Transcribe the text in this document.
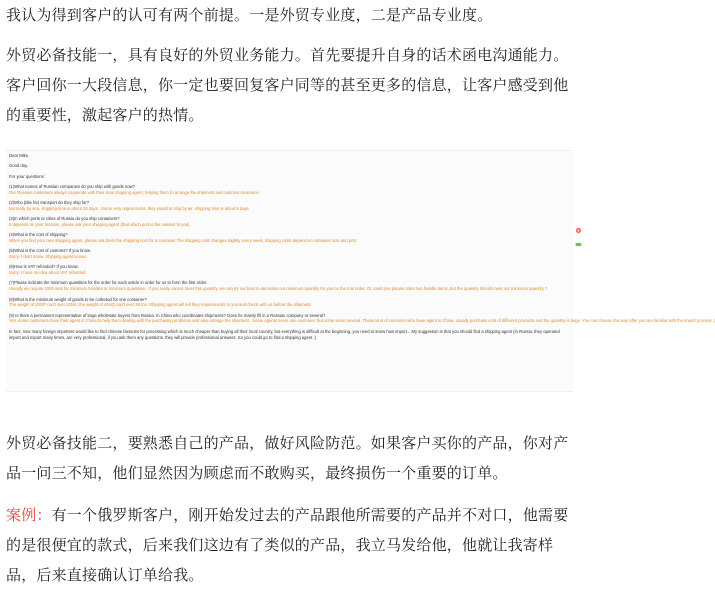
我认为得到客户的认可有两个前提。一是外贸专业度，二是产品专业度。
外贸必备技能一，具有良好的外贸业务能力。首先要提升自身的话术函电沟通能力。客户回你一大段信息，你一定也要回复客户同等的甚至更多的信息，让客户感受到他的重要性，激起客户的热情。
Dear Mike,
Good day.
For your questions:
(1)What names of Russian companies do you ship with goods now?
Our Russian customers always cooperate with their local shipping agent, helping them to arrange the shipment and customs clearance.
(2)Who (title for) transport do they ship for?
Normally by sea, shipping time is about 35 days . Some very urgent items, they would to ship by air, shipping time is about 5 days
(3)In which ports or cities of Russia do you ship containers?
It depends on your location, please ask your shipping agent (that which port is the nearest to you)
(4)What is the cost of shipping?
When you find your own shipping agent, please ask them the shipping cost for a container.The shipping cost changes slightly every week, shipping costs depend on container size and port.
(5)What is the cost of customs? If you know.
Sorry, I don't know. Shipping agent knows.
(6)How is VAT refunded? If you know.
Sorry, I have no idea about VAT refunded.
(7)Please indicate the minimum quantities for the order for each article in order for us to form the first order.
Usually we require 1000 sets for minimum handles or minimum quantities . If you really cannot meet this quantity, we can try our best to decrease our minimum quantity for you on the trial order. Or could you please order two handle items, but the quantity should meet our minimum quantity ?
(8)What is the minimum weight of goods to be collected for one container?
The weight of 20GP can't over 22ton; the weight of 40HQ can't over 26 ton. Shipping agent will tell they requirements to you and check with us before the shipment.
(9) Is there a permanent representative of large wholesale buyers from Russia. In China who coordinates shipments? Does he mainly fill in a Russian company or several?
Yes, some customers have their agent in China to help them dealing with the purchasing problems and also arrange the shipment . Some agents serve one customer, but some serve several. These kind of customer who have agent in China, usually purchase a lot of different products and the quantity is large. You can choose this way after you are familiar with the import process :)
In fact, now many foreign importers would like to find chinese factories for processing which is much cheaper than buying all their local country, but everything is difficult at the beginning, you need to know how import... My suggestion is that you should find a shipping agent (in Russia, they operated import and export many times, are very professional, if you ask them any questions, they will provide professional answers. So you could go to find a shipping agent :)
外贸必备技能二，要熟悉自己的产品，做好风险防范。如果客户买你的产品，你对产品一问三不知，他们显然因为顾虑而不敢购买，最终损伤一个重要的订单。
案例：有一个俄罗斯客户，刚开始发过去的产品跟他所需要的产品并不对口，他需要的是很便宜的款式，后来我们这边有了类似的产品，我立马发给他，他就让我寄样品，后来直接确认订单给我。
